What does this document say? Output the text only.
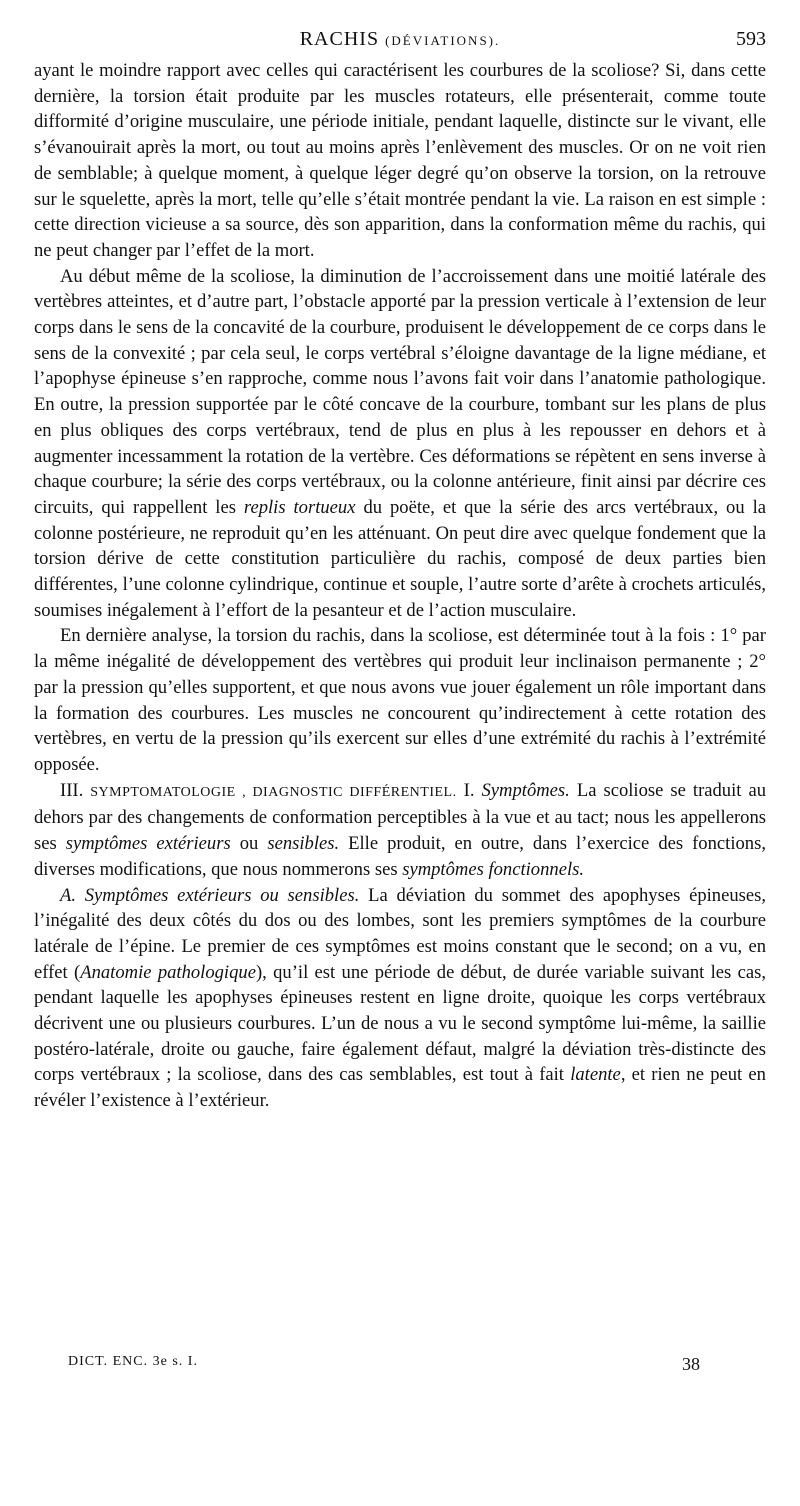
RACHIS (DÉVIATIONS).	593

ayant le moindre rapport avec celles qui caractérisent les courbures de la scoliose? Si, dans cette dernière, la torsion était produite par les muscles rotateurs, elle présenterait, comme toute difformité d’origine musculaire, une période initiale, pendant laquelle, distincte sur le vivant, elle s’évanouirait après la mort, ou tout au moins après l’enlèvement des muscles. Or on ne voit rien de semblable; à quelque moment, à quelque léger degré qu’on observe la torsion, on la retrouve sur le squelette, après la mort, telle qu’elle s’était montrée pendant la vie. La raison en est simple : cette direction vicieuse a sa source, dès son apparition, dans la conformation même du rachis, qui ne peut changer par l’effet de la mort.

Au début même de la scoliose, la diminution de l’accroissement dans une moitié latérale des vertèbres atteintes, et d’autre part, l’obstacle apporté par la pression verticale à l’extension de leur corps dans le sens de la concavité de la courbure, produisent le développement de ce corps dans le sens de la convexité ; par cela seul, le corps vertébral s’éloigne davantage de la ligne médiane, et l’apophyse épineuse s’en rapproche, comme nous l’avons fait voir dans l’anatomie pathologique. En outre, la pression supportée par le côté concave de la courbure, tombant sur les plans de plus en plus obliques des corps vertébraux, tend de plus en plus à les repousser en dehors et à augmenter incessamment la rotation de la vertèbre. Ces déformations se répètent en sens inverse à chaque courbure; la série des corps vertébraux, ou la colonne antérieure, finit ainsi par décrire ces circuits, qui rappellent les replis tortueux du poëte, et que la série des arcs vertébraux, ou la colonne postérieure, ne reproduit qu’en les atténuant. On peut dire avec quelque fondement que la torsion dérive de cette constitution particulière du rachis, composé de deux parties bien différentes, l’une colonne cylindrique, continue et souple, l’autre sorte d’arête à crochets articulés, soumises inégalement à l’effort de la pesanteur et de l’action musculaire.

En dernière analyse, la torsion du rachis, dans la scoliose, est déterminée tout à la fois : 1° par la même inégalité de développement des vertèbres qui produit leur inclinaison permanente ; 2° par la pression qu’elles supportent, et que nous avons vue jouer également un rôle important dans la formation des courbures. Les muscles ne concourent qu’indirectement à cette rotation des vertèbres, en vertu de la pression qu’ils exercent sur elles d’une extrémité du rachis à l’extrémité opposée.

III. SYMPTOMATOLOGIE , DIAGNOSTIC DIFFÉRENTIEL. I. Symptômes. La scoliose se traduit au dehors par des changements de conformation perceptibles à la vue et au tact; nous les appellerons ses symptômes extérieurs ou sensibles. Elle produit, en outre, dans l’exercice des fonctions, diverses modifications, que nous nommerons ses symptômes fonctionnels.

A. Symptômes extérieurs ou sensibles. La déviation du sommet des apophyses épineuses, l’inégalité des deux côtés du dos ou des lombes, sont les premiers symptômes de la courbure latérale de l’épine. Le premier de ces symptômes est moins constant que le second; on a vu, en effet (Anatomie pathologique), qu’il est une période de début, de durée variable suivant les cas, pendant laquelle les apophyses épineuses restent en ligne droite, quoique les corps vertébraux décrivent une ou plusieurs courbures. L’un de nous a vu le second symptôme lui-même, la saillie postéro-latérale, droite ou gauche, faire également défaut, malgré la déviation très-distincte des corps vertébraux ; la scoliose, dans des cas semblables, est tout à fait latente, et rien ne peut en révéler l’existence à l’extérieur.

DICT. ENC. 3e s. I.	38
